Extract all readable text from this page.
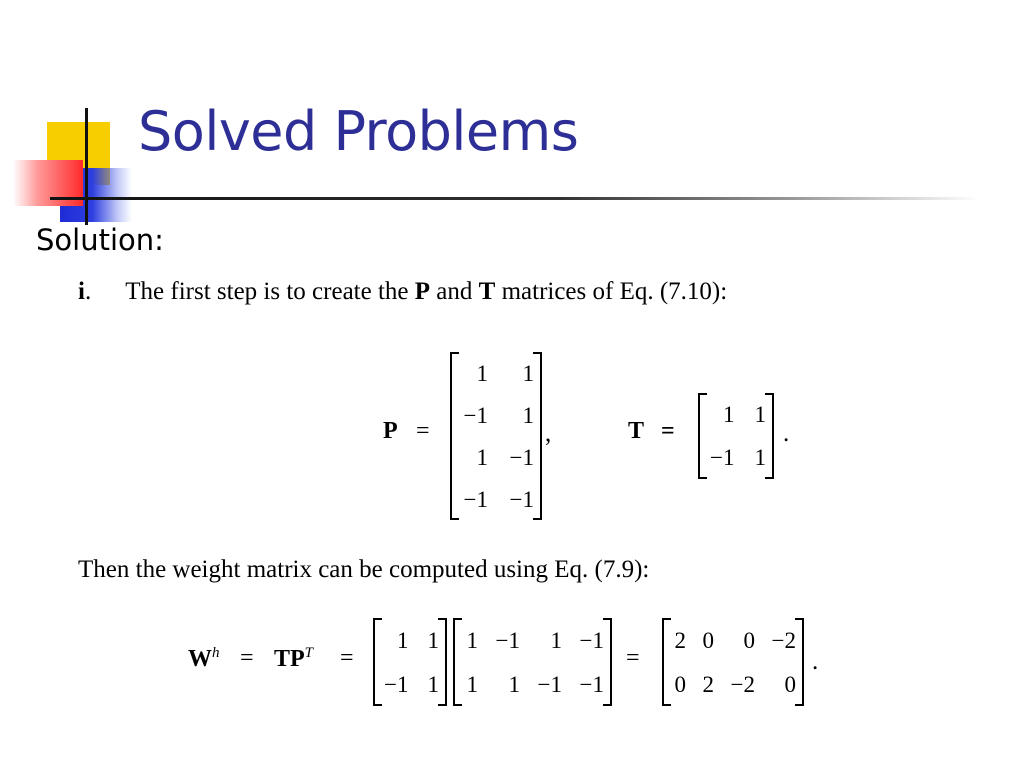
Solved Problems
Solution:
i. The first step is to create the P and T matrices of Eq. (7.10):
P =
1 1
−1 1
1 −1
−1 −1
,	T =
1 1
−1 1
.
Then the weight matrix can be computed using Eq. (7.9):
$W^h = TP^T$ =
1 1
−1 1
1 −1 1 −1
1 1 −1 −1
=
2 0 0 −2
0 2 −2 0
.
